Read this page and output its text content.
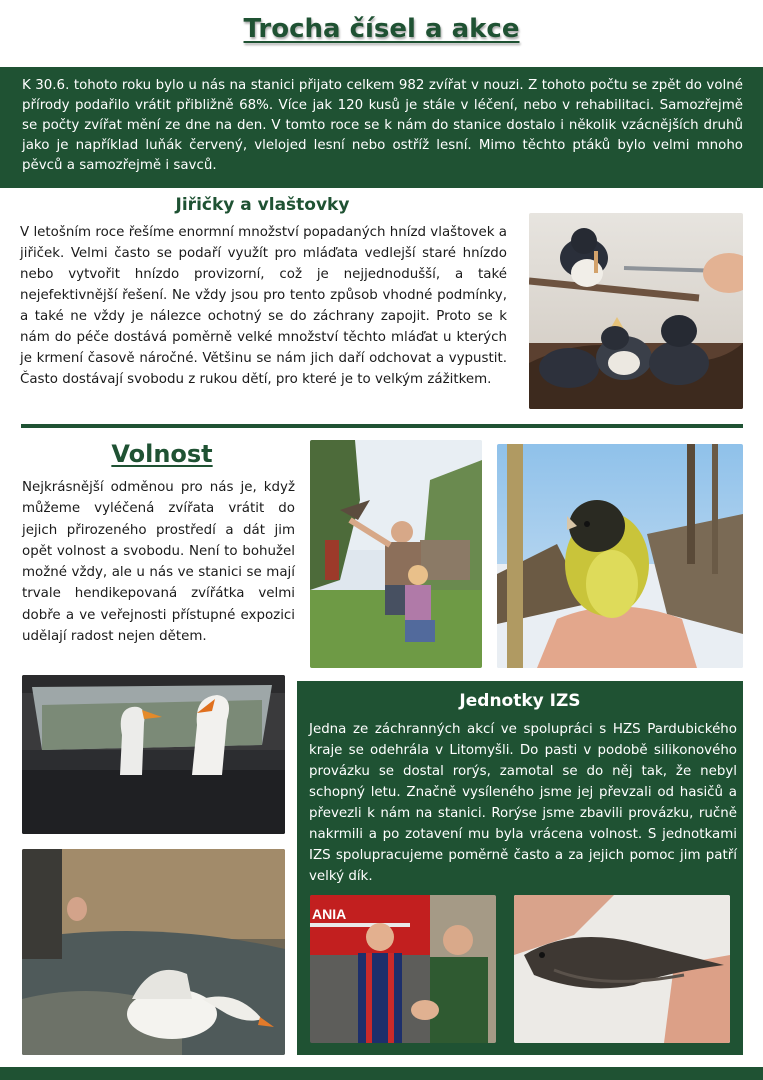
Trocha čísel a akce

K 30.6. tohoto roku bylo u nás na stanici přijato celkem 982 zvířat v nouzi. Z tohoto počtu se zpět do volné přírody podařilo vrátit přibližně 68%. Více jak 120 kusů je stále v léčení, nebo v rehabilitaci. Samozřejmě se počty zvířat mění ze dne na den. V tomto roce se k nám do stanice dostalo i několik vzácnějších druhů jako je například luňák červený, vlelojed lesní nebo ostříž lesní. Mimo těchto ptáků bylo velmi mnoho pěvců a samozřejmě i savců.

Jiřičky a vlaštovky

V letošním roce řešíme enormní množství popadaných hnízd vlaštovek a jiřiček. Velmi často se podaří využít pro mláďata vedlejší staré hnízdo nebo vytvořit hnízdo provizorní, což je nejjednodušší, a také nejefektivnější řešení. Ne vždy jsou pro tento způsob vhodné podmínky, a také ne vždy je nálezce ochotný se do záchrany zapojit. Proto se k nám do péče dostává poměrně velké množství těchto mláďat u kterých je krmení časově náročné. Většinu se nám jich daří odchovat a vypustit. Často dostávají svobodu z rukou dětí, pro které je to velkým zážitkem.

Volnost

Nejkrásnější odměnou pro nás je, když můžeme vyléčená zvířata vrátit do jejich přirozeného prostředí a dát jim opět volnost a svobodu. Není to bohužel možné vždy, ale u nás ve stanici se mají trvale hendikepovaná zvířátka velmi dobře a ve veřejnosti přístupné expozici udělají radost nejen dětem.

Jednotky IZS

Jedna ze záchranných akcí ve spolupráci s HZS Pardubického kraje se odehrála v Litomyšli. Do pasti v podobě silikonového provázku se dostal rorýs, zamotal se do něj tak, že nebyl schopný letu. Značně vysíleného jsme jej převzali od hasičů a převezli k nám na stanici. Rorýse jsme zbavili provázku, ručně nakrmili a po zotavení mu byla vrácena volnost. S jednotkami IZS spolupracujeme poměrně často a za jejich pomoc jim patří velký dík.

ANIA
